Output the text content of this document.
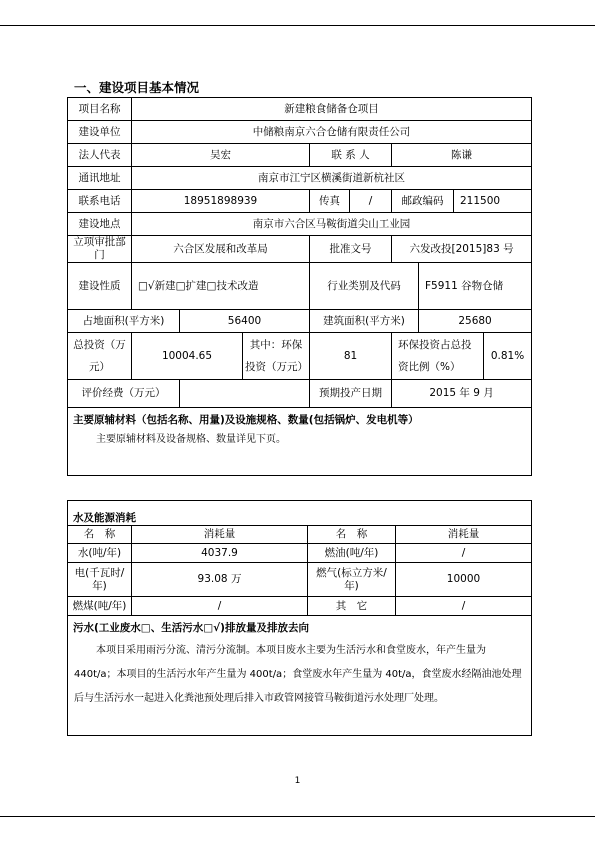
一、建设项目基本情况
项目名称	新建粮食储备仓项目								
建设单位	中储粮南京六合仓储有限责任公司								
法人代表	吴宏			联 系 人		陈谦			
通讯地址	南京市江宁区横溪街道新杭社区								
联系电话	18951898939			传真	/	邮政编码		211500	
建设地点	南京市六合区马鞍街道尖山工业园								
立项审批部门	六合区发展和改革局			批准文号		六发改投[2015]83 号			
建设性质	□√新建□扩建□技术改造			行业类别及代码			F5911 谷物仓储		
占地面积(平方米)		56400		建筑面积(平方米)			25680		
总投资（万元）	10004.65		其中：环保投资（万元）	81		环保投资占总投资比例（%）			0.81%
评价经费（万元）				预期投产日期		2015 年 9 月			

主要原辅材料（包括名称、用量)及设施规格、数量(包括锅炉、发电机等）
主要原辅材料及设备规格、数量详见下页。									
水及能源消耗			
名　称	消耗量	名　称	消耗量
水(吨/年)	4037.9	燃油(吨/年)	/
电(千瓦时/年)	93.08 万	燃气(标立方米/年)	10000
燃煤(吨/年)	/	其　它	/

污水(工业废水□、生活污水□√)排放量及排放去向
本项目采用雨污分流、清污分流制。本项目废水主要为生活污水和食堂废水，年产生量为 440t/a；本项目的生活污水年产生量为 400t/a；食堂废水年产生量为 40t/a，食堂废水经隔油池处理后与生活污水一起进入化粪池预处理后排入市政管网接管马鞍街道污水处理厂处理。			
1
